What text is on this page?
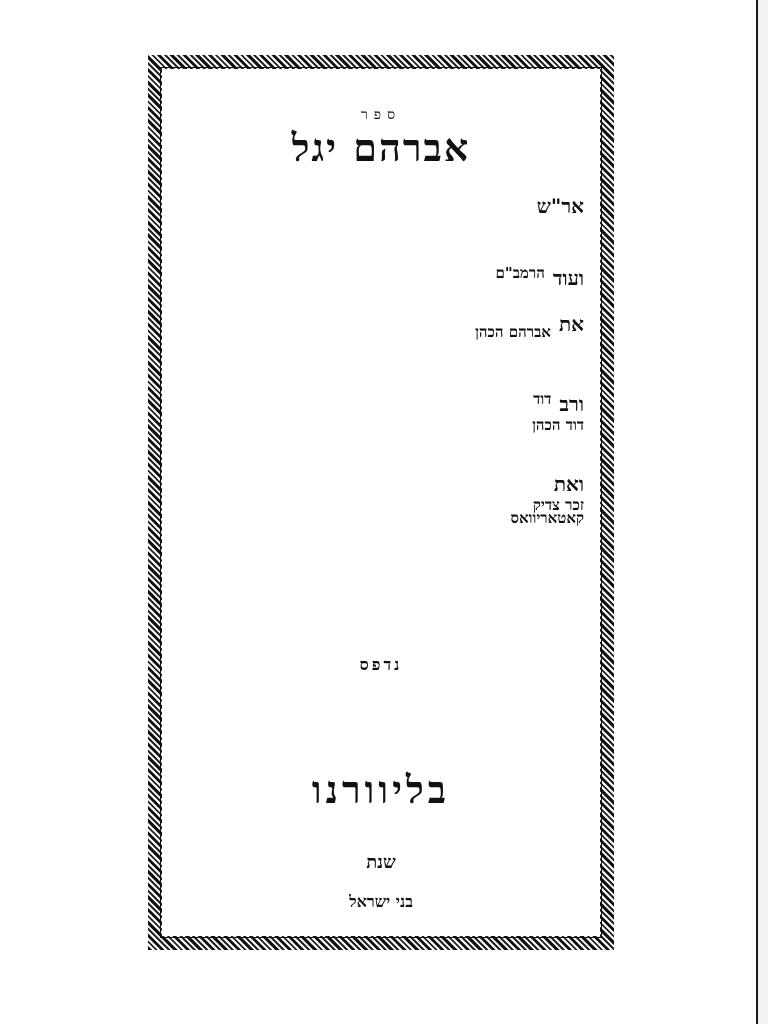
ספר
אברהם יגל
אר"ש
ועוד
הרמב"ם
את
אברהם הכהן
ורב
דוד
דוד הכהן
ואת
זכר צדיק
קאטאריוואס
נדפס

בליוורנו
שנת
בני ישראל
